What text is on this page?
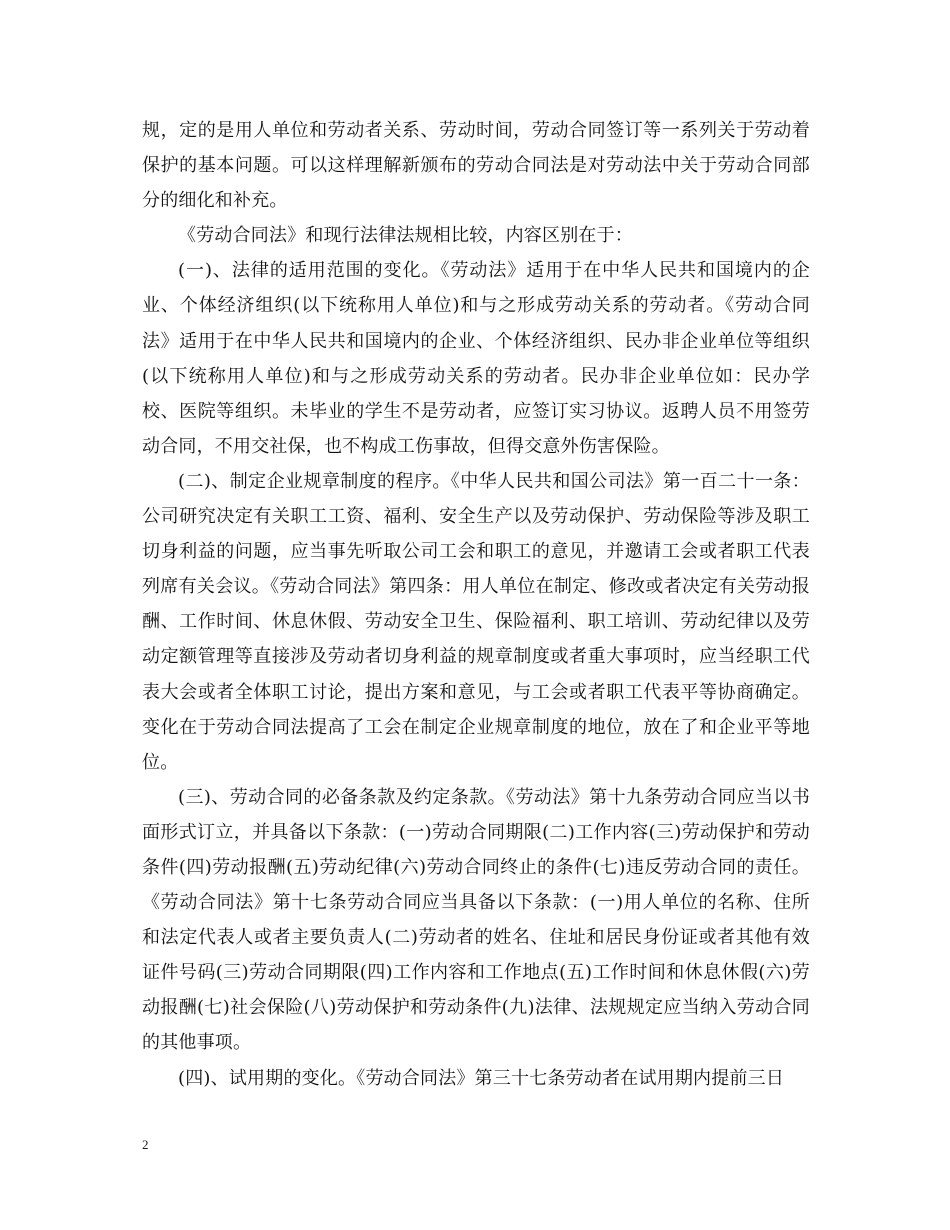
规，定的是用人单位和劳动者关系、劳动时间，劳动合同签订等一系列关于劳动着保护的基本问题。可以这样理解新颁布的劳动合同法是对劳动法中关于劳动合同部分的细化和补充。

《劳动合同法》和现行法律法规相比较，内容区别在于：

(一)、法律的适用范围的变化。《劳动法》适用于在中华人民共和国境内的企业、个体经济组织(以下统称用人单位)和与之形成劳动关系的劳动者。《劳动合同法》适用于在中华人民共和国境内的企业、个体经济组织、民办非企业单位等组织(以下统称用人单位)和与之形成劳动关系的劳动者。民办非企业单位如：民办学校、医院等组织。未毕业的学生不是劳动者，应签订实习协议。返聘人员不用签劳动合同，不用交社保，也不构成工伤事故，但得交意外伤害保险。

(二)、制定企业规章制度的程序。《中华人民共和国公司法》第一百二十一条：公司研究决定有关职工工资、福利、安全生产以及劳动保护、劳动保险等涉及职工切身利益的问题，应当事先听取公司工会和职工的意见，并邀请工会或者职工代表列席有关会议。《劳动合同法》第四条：用人单位在制定、修改或者决定有关劳动报酬、工作时间、休息休假、劳动安全卫生、保险福利、职工培训、劳动纪律以及劳动定额管理等直接涉及劳动者切身利益的规章制度或者重大事项时，应当经职工代表大会或者全体职工讨论，提出方案和意见，与工会或者职工代表平等协商确定。变化在于劳动合同法提高了工会在制定企业规章制度的地位，放在了和企业平等地位。

(三)、劳动合同的必备条款及约定条款。《劳动法》第十九条劳动合同应当以书面形式订立，并具备以下条款：(一)劳动合同期限(二)工作内容(三)劳动保护和劳动条件(四)劳动报酬(五)劳动纪律(六)劳动合同终止的条件(七)违反劳动合同的责任。《劳动合同法》第十七条劳动合同应当具备以下条款：(一)用人单位的名称、住所和法定代表人或者主要负责人(二)劳动者的姓名、住址和居民身份证或者其他有效证件号码(三)劳动合同期限(四)工作内容和工作地点(五)工作时间和休息休假(六)劳动报酬(七)社会保险(八)劳动保护和劳动条件(九)法律、法规规定应当纳入劳动合同的其他事项。

(四)、试用期的变化。《劳动合同法》第三十七条劳动者在试用期内提前三日

2
